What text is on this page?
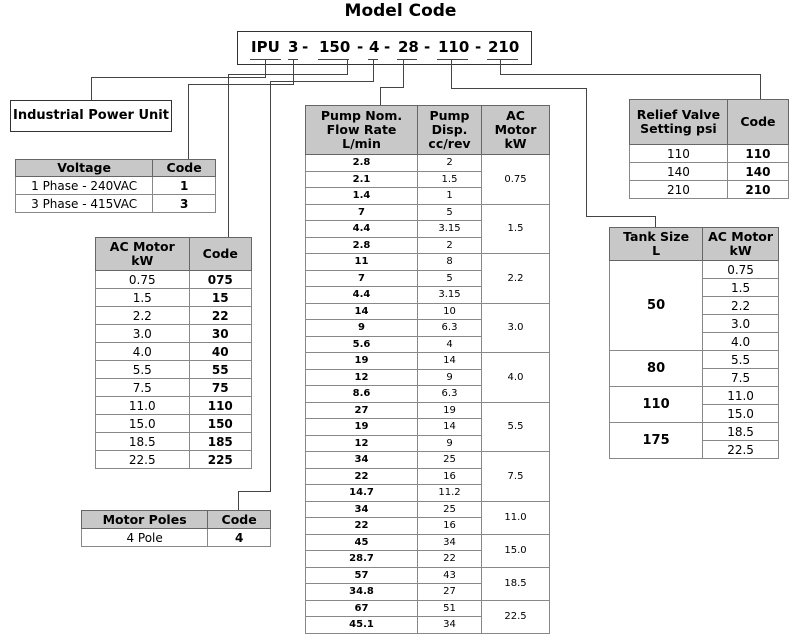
Model Code
IPU 3 - 150 - 4 - 28 - 110 - 210
Industrial Power Unit
Voltage	Code
1 Phase - 240VAC	1
3 Phase - 415VAC	3
AC Motor kW	Code
0.75	075
1.5	15
2.2	22
3.0	30
4.0	40
5.5	55
7.5	75
11.0	110
15.0	150
18.5	185
22.5	225
Motor Poles	Code
4 Pole	4
Pump Nom. Flow Rate L/min	Pump Disp. cc/rev	AC Motor kW

2.8	2	0.75
2.1	1.5	
1.4	1	
7	5	1.5
4.4	3.15	
2.8	2	
11	8	2.2
7	5	
4.4	3.15	
14	10	3.0
9	6.3	
5.6	4	
19	14	4.0
12	9	
8.6	6.3	
27	19	5.5
19	14	
12	9	
34	25	7.5
22	16	
14.7	11.2	
34	25	11.0
22	16	
45	34	15.0
28.7	22	
57	43	18.5
34.8	27	
67	51	22.5
45.1	34	
Relief Valve Setting psi	Code
110	110
140	140
210	210
Tank Size L	AC Motor kW

50	0.75
	1.5
	2.2
	3.0
	4.0
80	5.5
	7.5
110	11.0
	15.0
175	18.5
	22.5
